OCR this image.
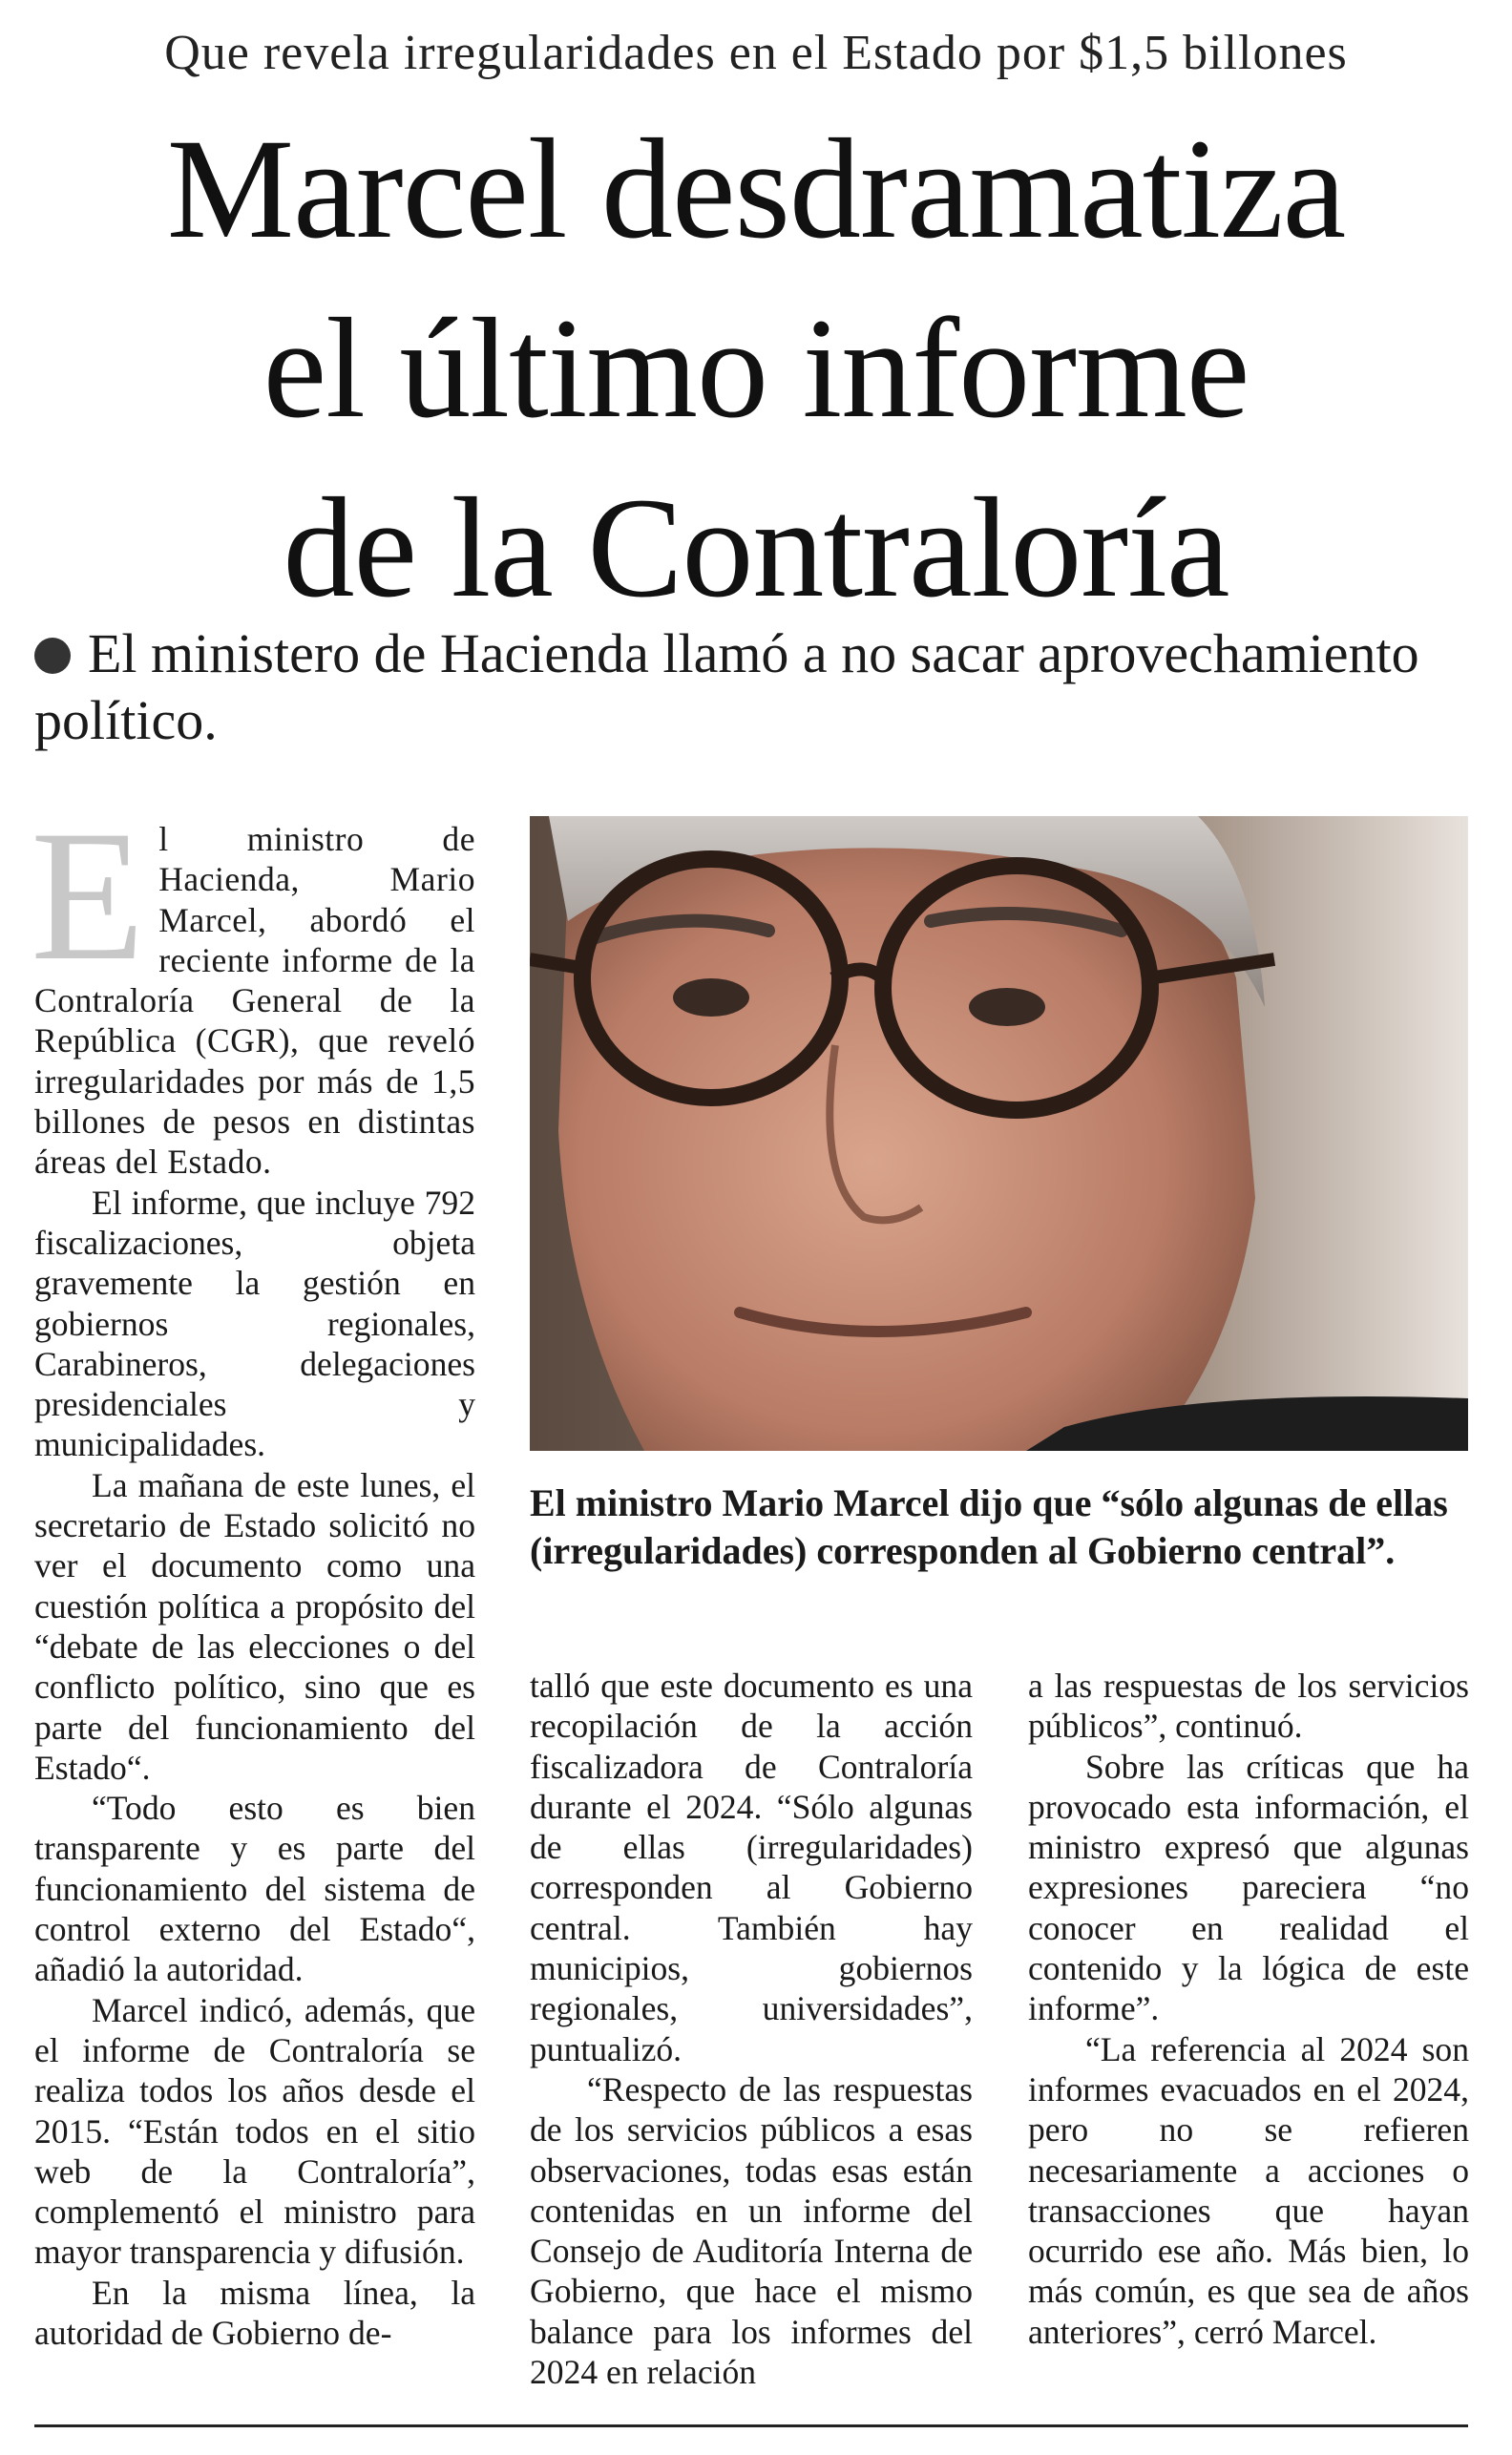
Que revela irregularidades en el Estado por $1,5 billones
Marcel desdramatiza
el último informe
de la Contraloría
El ministero de Hacienda llamó a no sacar aprovechamiento político.

El ministro de Hacienda, Mario Marcel, abordó el reciente informe de la Contraloría General de la República (CGR), que reveló irregularidades por más de 1,5 billones de pesos en distintas áreas del Estado.

El informe, que incluye 792 fiscalizaciones, objeta gravemente la gestión en gobiernos regionales, Carabineros, delegaciones presidenciales y municipalidades.

La mañana de este lunes, el secretario de Estado solicitó no ver el documento como una cuestión política a propósito del “debate de las elecciones o del conflicto político, sino que es parte del funcionamiento del Estado“.

“Todo esto es bien transparente y es parte del funcionamiento del sistema de control externo del Estado“, añadió la autoridad.

Marcel indicó, además, que el informe de Contraloría se realiza todos los años desde el 2015. “Están todos en el sitio web de la Contraloría”, complementó el ministro para mayor transparencia y difusión.

En la misma línea, la autoridad de Gobierno de-

El ministro Mario Marcel dijo que “sólo algunas de ellas (irregularidades) corresponden al Gobierno central”.

talló que este documento es una recopilación de la acción fiscalizadora de Contraloría durante el 2024. “Sólo algunas de ellas (irregularidades) corresponden al Gobierno central. También hay municipios, gobiernos regionales, universidades”, puntualizó.

“Respecto de las respuestas de los servicios públicos a esas observaciones, todas esas están contenidas en un informe del Consejo de Auditoría Interna de Gobierno, que hace el mismo balance para los informes del 2024 en relación

a las respuestas de los servicios públicos”, continuó.

Sobre las críticas que ha provocado esta información, el ministro expresó que algunas expresiones pareciera “no conocer en realidad el contenido y la lógica de este informe”.

“La referencia al 2024 son informes evacuados en el 2024, pero no se refieren necesariamente a acciones o transacciones que hayan ocurrido ese año. Más bien, lo más común, es que sea de años anteriores”, cerró Marcel.
